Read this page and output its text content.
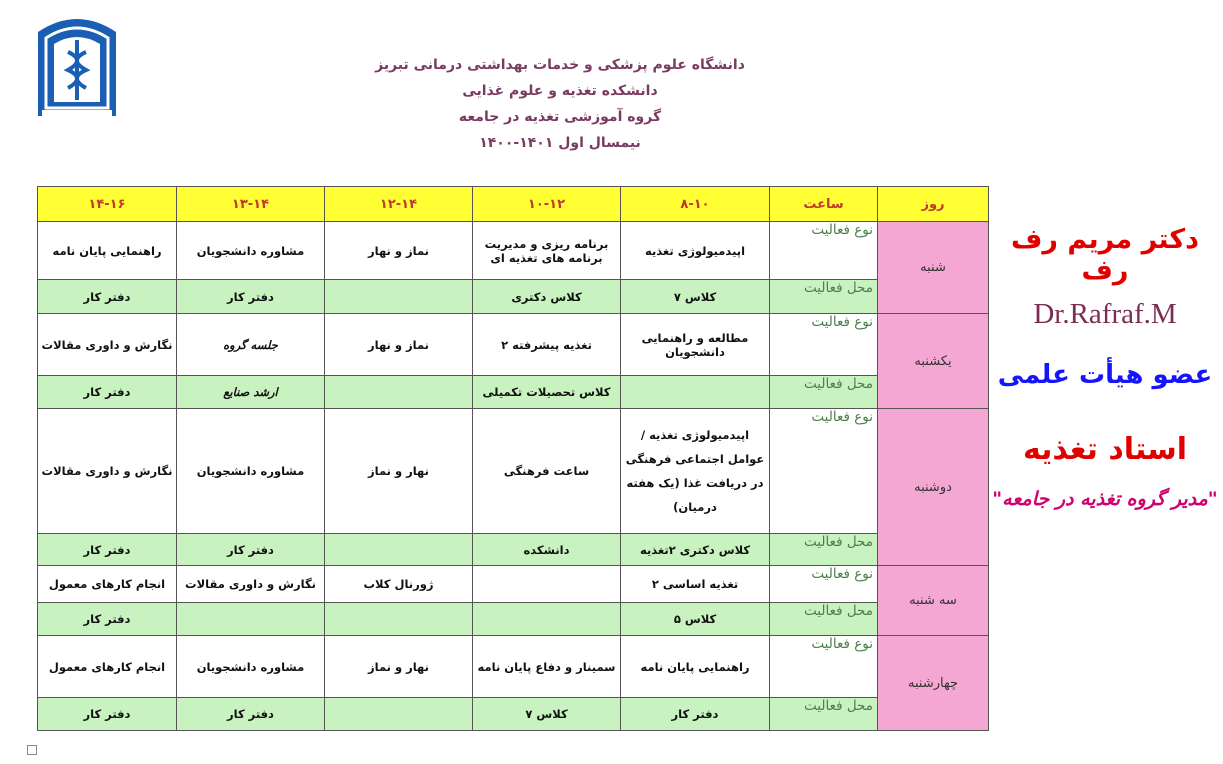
دانشگاه علوم پزشکی و خدمات بهداشتی درمانی تبریز
دانشکده تغذیه و علوم غذایی
گروه آموزشی تغذیه در جامعه
نیمسال اول ۱۴۰۱-۱۴۰۰
روز	ساعت	۸-۱۰	۱۰-۱۲	۱۲-۱۴	۱۳-۱۴	۱۴-۱۶
شنبه	نوع فعالیت	اپیدمیولوژی تغذیه	برنامه ریزی و مدیریت برنامه های تغذیه ای	نماز و نهار	مشاوره دانشجویان	راهنمایی پایان نامه
	محل فعالیت	کلاس ۷	کلاس دکتری		دفتر کار	دفتر کار
یکشنبه	نوع فعالیت	مطالعه و راهنمایی دانشجویان	تغذیه پیشرفته ۲	نماز و نهار	جلسه گروه	نگارش و داوری مقالات
	محل فعالیت		کلاس تحصیلات تکمیلی		ارشد صنایع	دفتر کار
دوشنبه	نوع فعالیت	اپیدمیولوژی تغذیه /عوامل اجتماعی فرهنگی در دریافت غذا (یک هفته درمیان)	ساعت فرهنگی	نهار و نماز	مشاوره دانشجویان	نگارش و داوری مقالات
	محل فعالیت	کلاس دکتری ۲تغذیه	دانشکده		دفتر کار	دفتر کار
سه شنبه	نوع فعالیت	تغذیه اساسی ۲		ژورنال کلاب	نگارش و داوری مقالات	انجام کارهای معمول
	محل فعالیت	کلاس ۵				دفتر کار
چهارشنبه	نوع فعالیت	راهنمایی پایان نامه	سمینار و دفاع پایان نامه	نهار و نماز	مشاوره دانشجویان	انجام کارهای معمول
	محل فعالیت	دفتر کار	کلاس ۷		دفتر کار	دفتر کار
دکتر مریم رف رف
Dr.Rafraf.M
عضو هیأت علمی
استاد تغذیه
"مدیر گروه تغذیه در جامعه"
